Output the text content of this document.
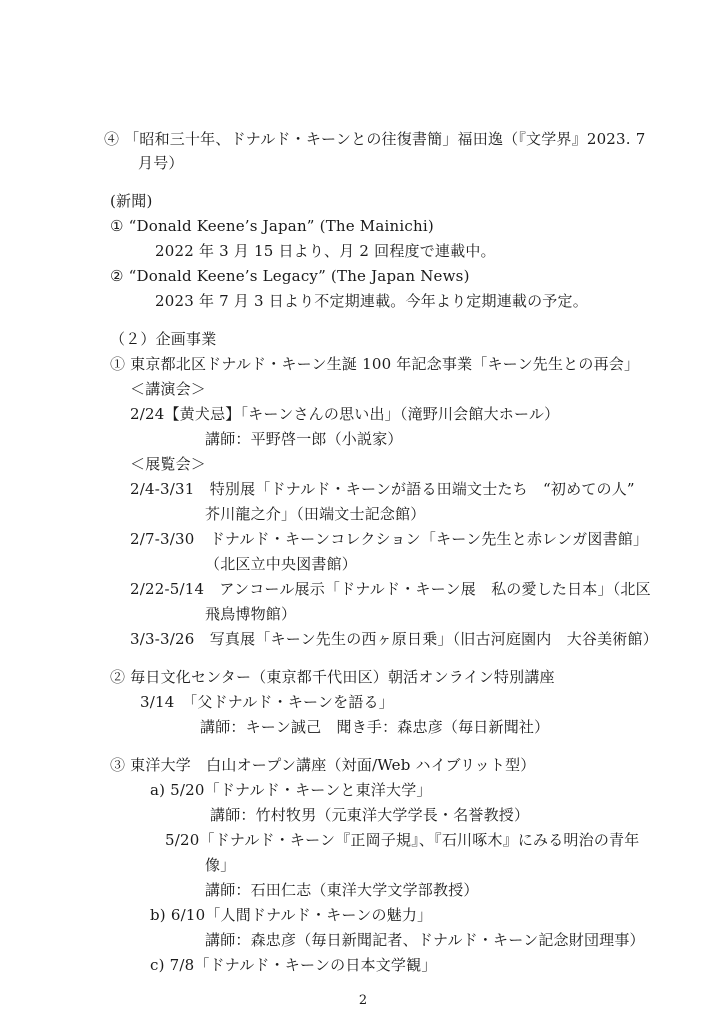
④ 「昭和三十年、ドナルド・キーンとの往復書簡」福田逸（『文学界』2023. 7
月号）
(新聞)
① “Donald Keene’s Japan” (The Mainichi)
2022 年 3 月 15 日より、月 2 回程度で連載中。
② “Donald Keene’s Legacy” (The Japan News)
2023 年 7 月 3 日より不定期連載。今年より定期連載の予定。
（２）企画事業
① 東京都北区ドナルド・キーン生誕 100 年記念事業「キーン先生との再会」
＜講演会＞
2/24【黄犬忌】「キーンさんの思い出」（滝野川会館大ホール）
講師：平野啓一郎（小説家）
＜展覧会＞
2/4-3/31　特別展「ドナルド・キーンが語る田端文士たち　“初めての人”
芥川龍之介」（田端文士記念館）
2/7-3/30　ドナルド・キーンコレクション「キーン先生と赤レンガ図書館」
（北区立中央図書館）
2/22-5/14　アンコール展示「ドナルド・キーン展　私の愛した日本」（北区
飛鳥博物館）
3/3-3/26　写真展「キーン先生の西ヶ原日乗」（旧古河庭園内　大谷美術館）
② 毎日文化センター（東京都千代田区）朝活オンライン特別講座
3/14　「父ドナルド・キーンを語る」
講師：キーン誠己　聞き手：森忠彦（毎日新聞社）
③ 東洋大学　白山オープン講座（対面/Web ハイブリット型）
a) 5/20「ドナルド・キーンと東洋大学」
講師：竹村牧男（元東洋大学学長・名誉教授）
5/20「ドナルド・キーン『正岡子規』、『石川啄木』にみる明治の青年
像」
講師：石田仁志（東洋大学文学部教授）
b) 6/10「人間ドナルド・キーンの魅力」
講師：森忠彦（毎日新聞記者、ドナルド・キーン記念財団理事）
c) 7/8「ドナルド・キーンの日本文学観」
2
